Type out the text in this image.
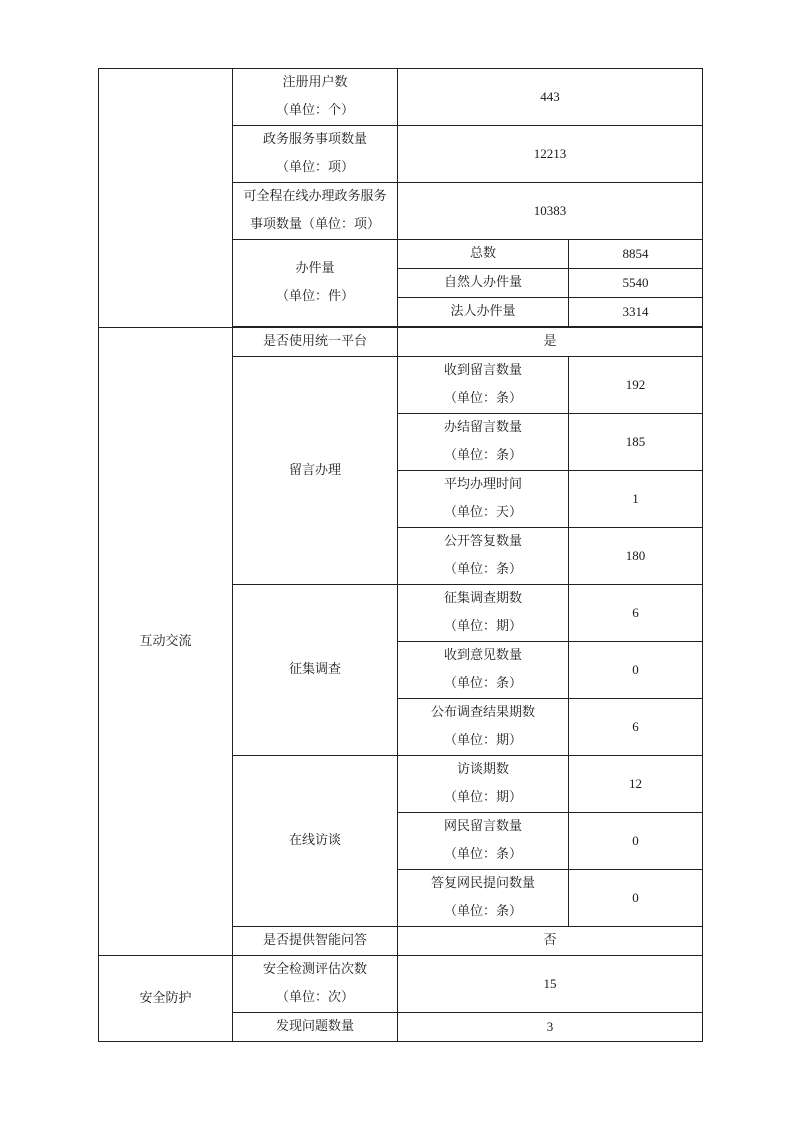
	注册用户数
（单位：个）	443	

	政务服务事项数量
（单位：项）	12213	

	可全程在线办理政务服务
事项数量（单位：项）	10383	

	办件量
（单位：件）	总数	8854
		自然人办件量	5540
		法人办件量	3314

互动交流	是否使用统一平台	是	
	留言办理	收到留言数量
（单位：条）	192

		办结留言数量
（单位：条）	185

		平均办理时间
（单位：天）	1

		公开答复数量
（单位：条）	180
	征集调查	征集调查期数
（单位：期）	6

		收到意见数量
（单位：条）	0

		公布调查结果期数
（单位：期）	6
	在线访谈	访谈期数
（单位：期）	12

		网民留言数量
（单位：条）	0

		答复网民提问数量
（单位：条）	0
	是否提供智能问答	否	
安全防护	安全检测评估次数
（单位：次）	15	
	发现问题数量	3	
